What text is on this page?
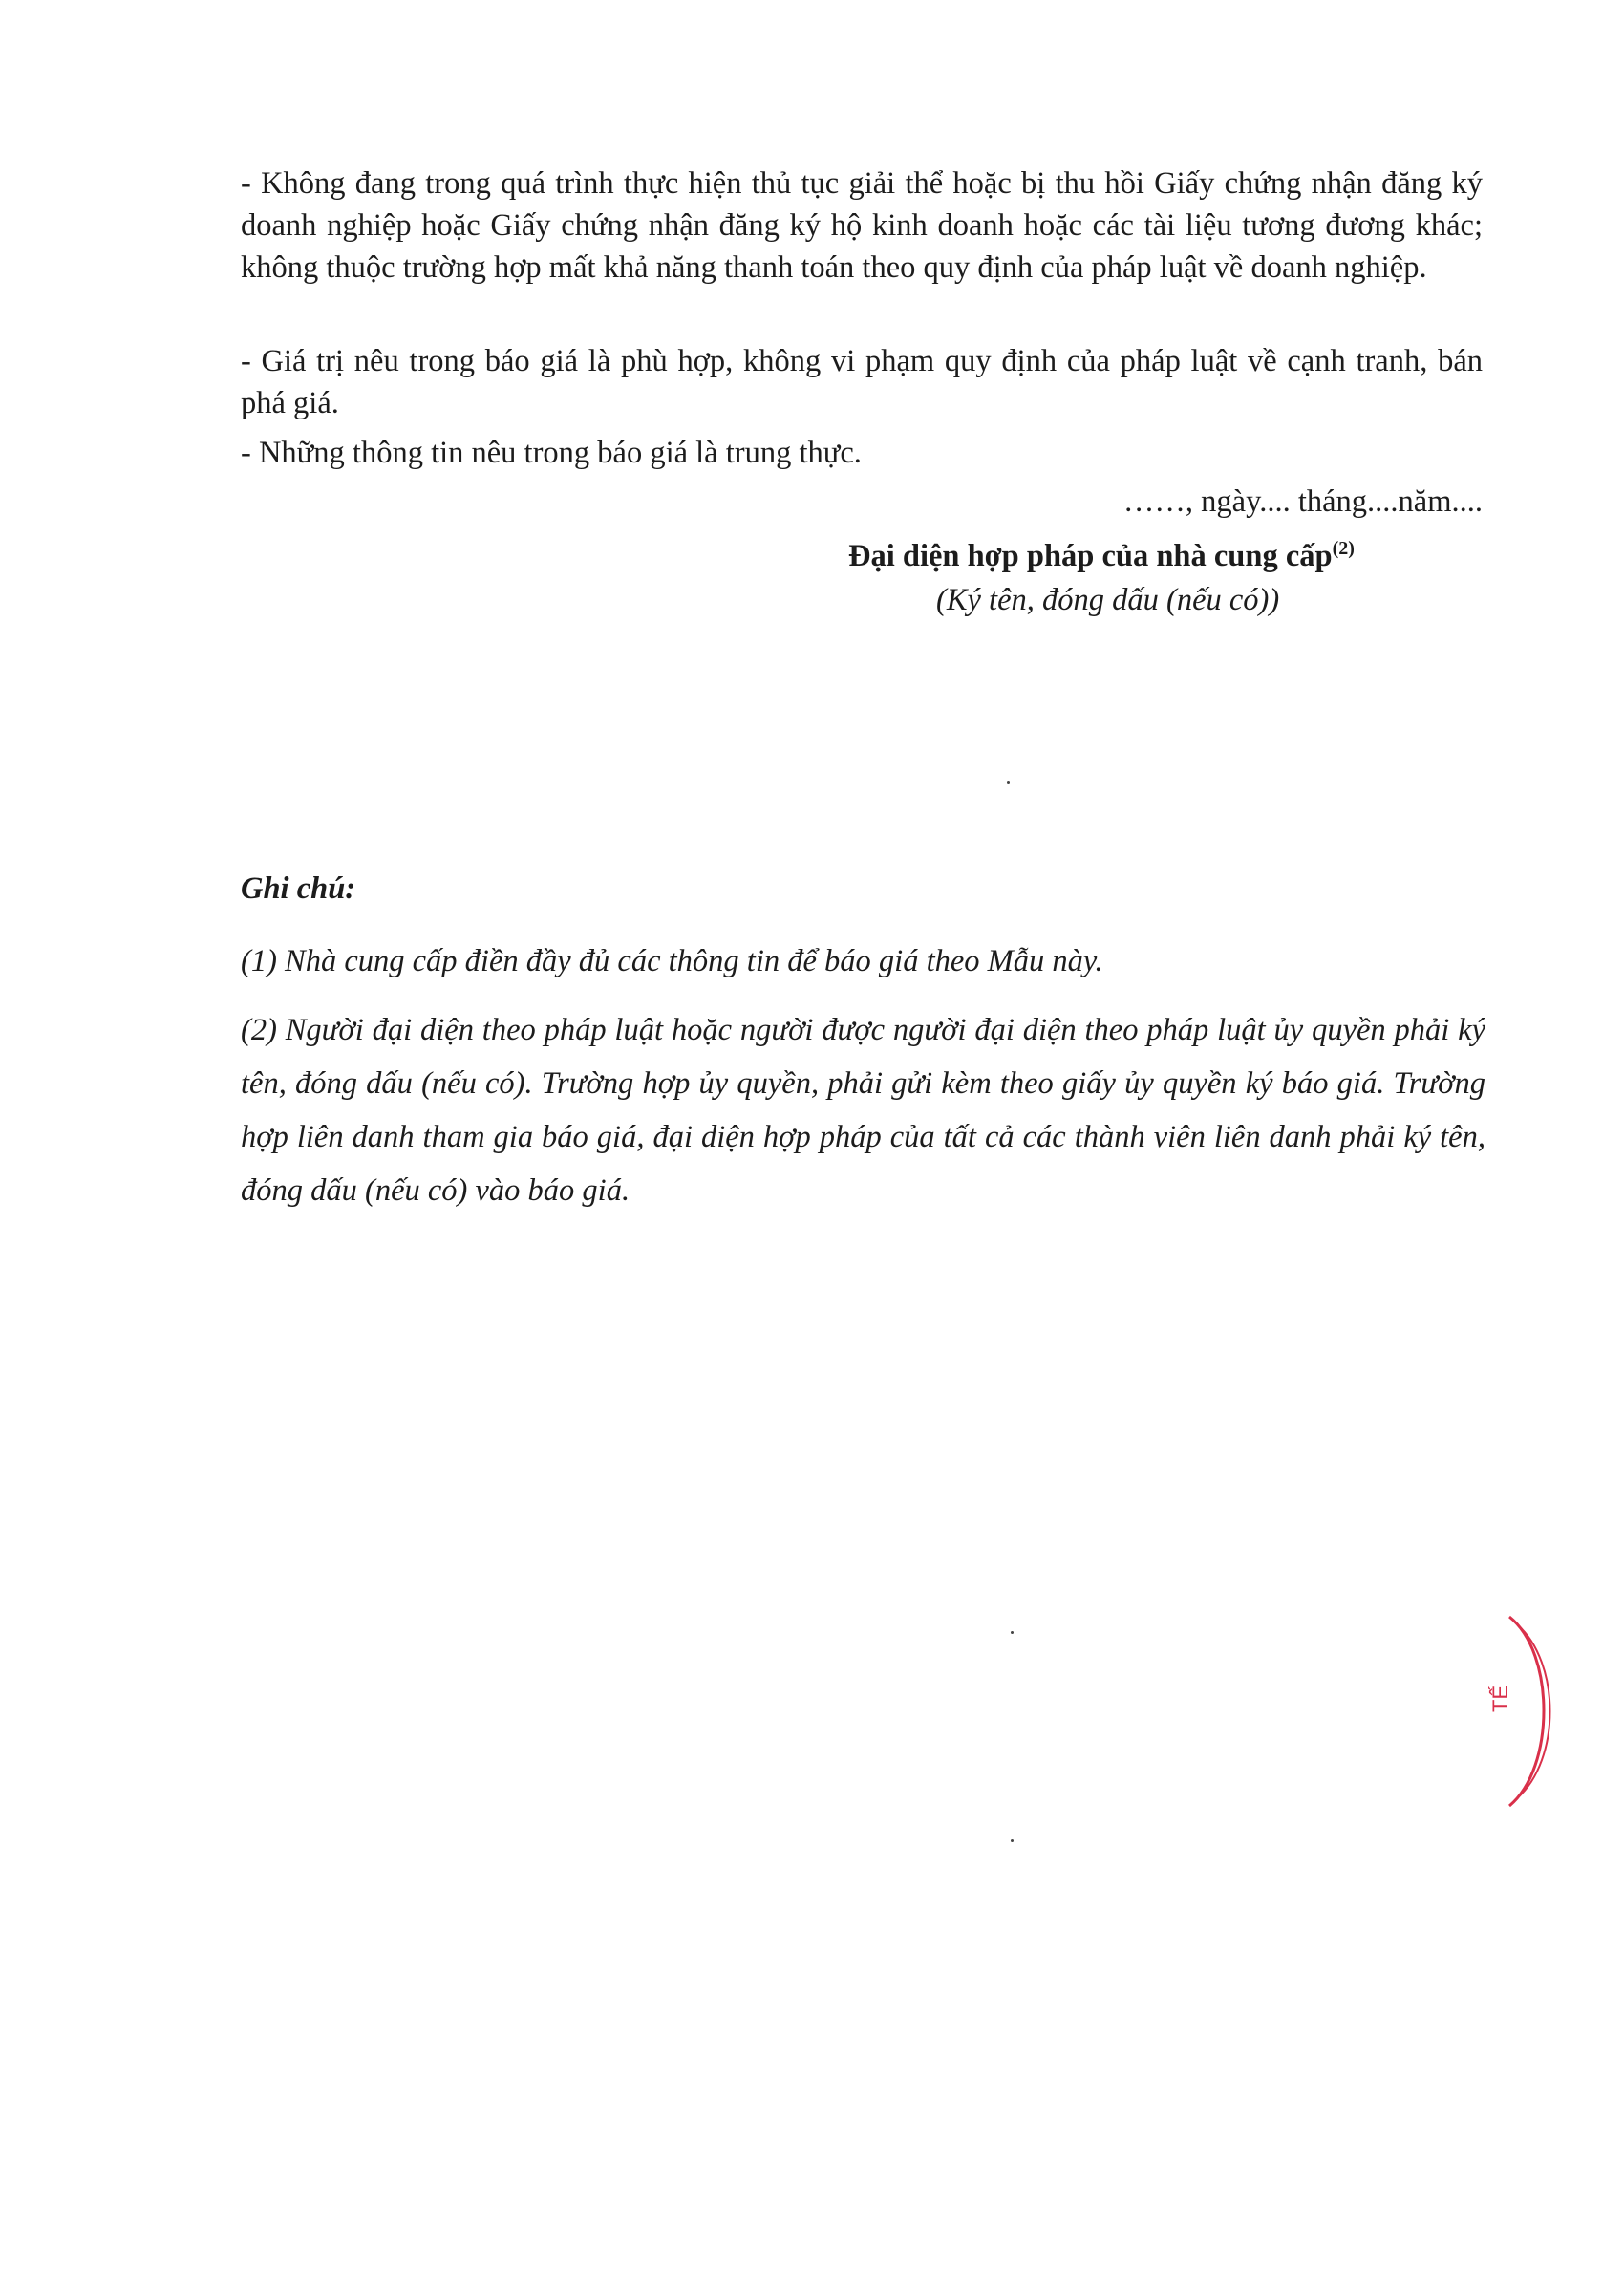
- Không đang trong quá trình thực hiện thủ tục giải thể hoặc bị thu hồi Giấy chứng nhận đăng ký doanh nghiệp hoặc Giấy chứng nhận đăng ký hộ kinh doanh hoặc các tài liệu tương đương khác; không thuộc trường hợp mất khả năng thanh toán theo quy định của pháp luật về doanh nghiệp.
- Giá trị nêu trong báo giá là phù hợp, không vi phạm quy định của pháp luật về cạnh tranh, bán phá giá.
- Những thông tin nêu trong báo giá là trung thực.
……, ngày.... tháng....năm....
Đại diện hợp pháp của nhà cung cấp$^{(2)}$
(Ký tên, đóng dấu (nếu có))
Ghi chú:
(1) Nhà cung cấp điền đầy đủ các thông tin để báo giá theo Mẫu này.
(2) Người đại diện theo pháp luật hoặc người được người đại diện theo pháp luật ủy quyền phải ký tên, đóng dấu (nếu có). Trường hợp ủy quyền, phải gửi kèm theo giấy ủy quyền ký báo giá. Trường hợp liên danh tham gia báo giá, đại diện hợp pháp của tất cả các thành viên liên danh phải ký tên, đóng dấu (nếu có) vào báo giá.
TẾ
